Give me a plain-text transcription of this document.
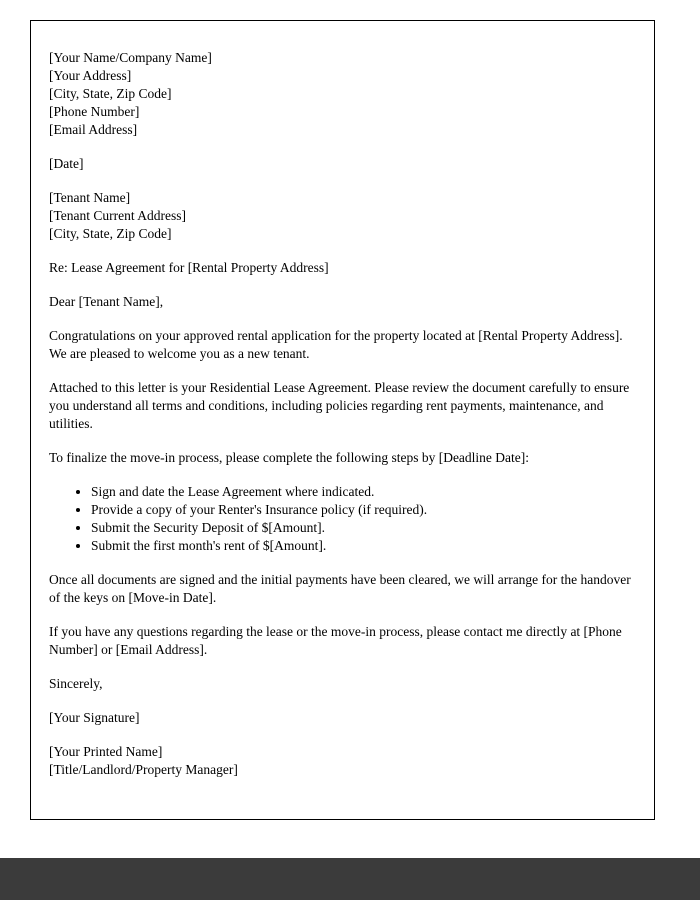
[Your Name/Company Name]
[Your Address]
[City, State, Zip Code]
[Phone Number]
[Email Address]
[Date]
[Tenant Name]
[Tenant Current Address]
[City, State, Zip Code]

Re: Lease Agreement for [Rental Property Address]

Dear [Tenant Name],

Congratulations on your approved rental application for the property located at [Rental Property Address]. We are pleased to welcome you as a new tenant.

Attached to this letter is your Residential Lease Agreement. Please review the document carefully to ensure you understand all terms and conditions, including policies regarding rent payments, maintenance, and utilities.

To finalize the move-in process, please complete the following steps by [Deadline Date]:

• Sign and date the Lease Agreement where indicated.
• Provide a copy of your Renter's Insurance policy (if required).
• Submit the Security Deposit of $[Amount].
• Submit the first month's rent of $[Amount].

Once all documents are signed and the initial payments have been cleared, we will arrange for the handover of the keys on [Move-in Date].

If you have any questions regarding the lease or the move-in process, please contact me directly at [Phone Number] or [Email Address].

Sincerely,

[Your Signature]

[Your Printed Name]
[Title/Landlord/Property Manager]
